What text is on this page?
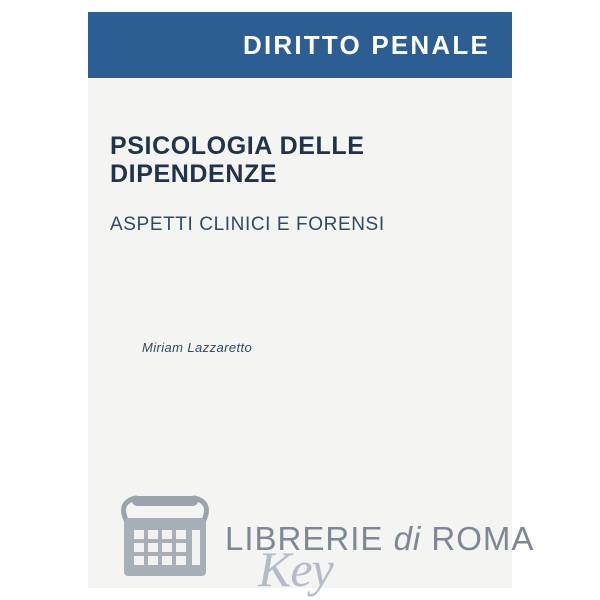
DIRITTO PENALE
PSICOLOGIA DELLE DIPENDENZE
ASPETTI CLINICI E FORENSI
Miriam Lazzaretto
LIBRERIE di ROMA
Key
